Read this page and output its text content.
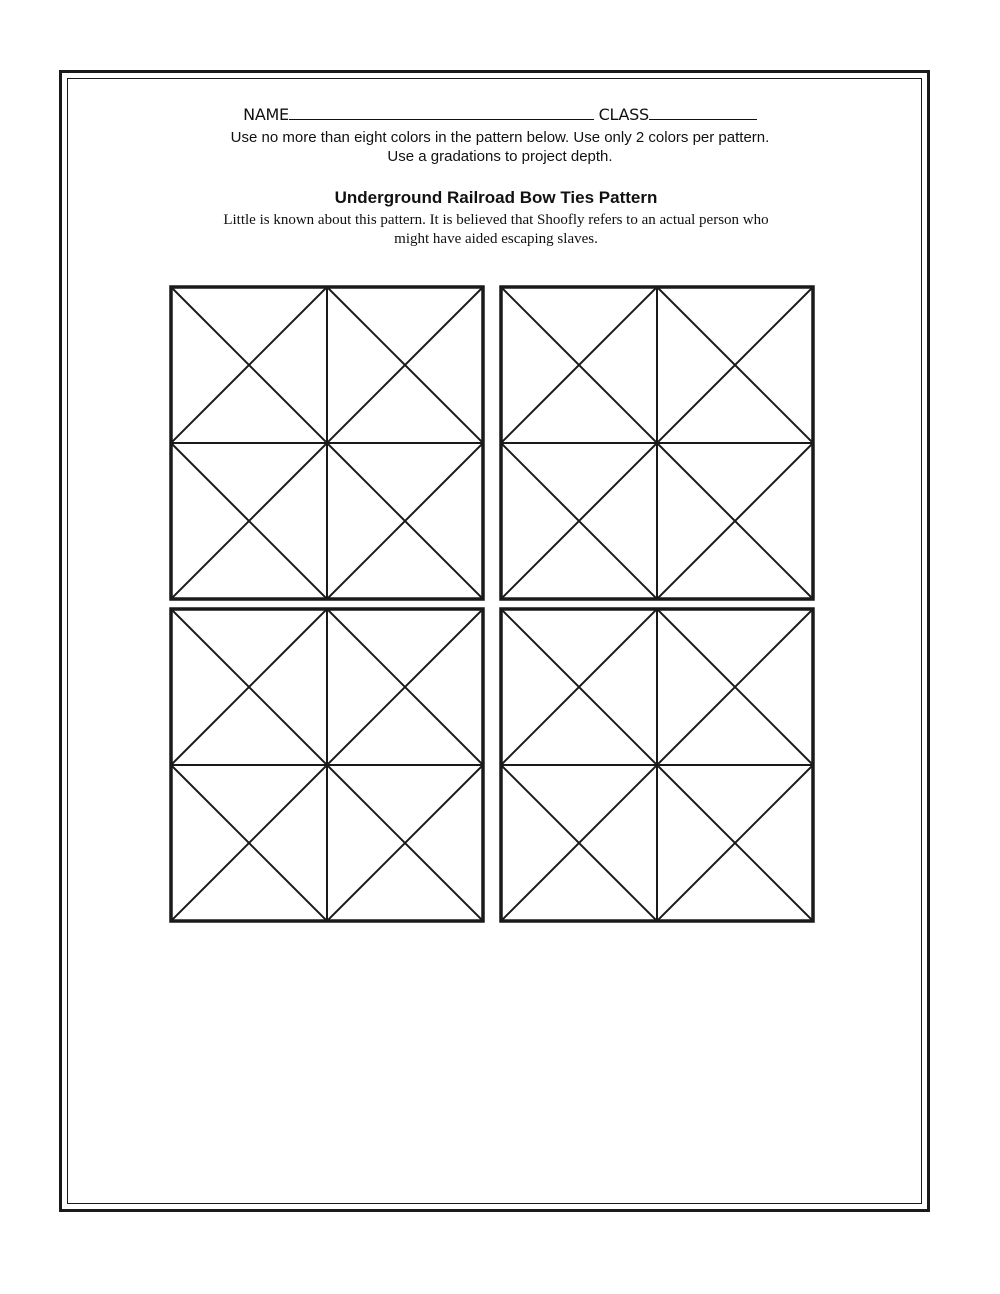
NAME	CLASS
Use no more than eight colors in the pattern below. Use only 2 colors per pattern.
Use a gradations to project depth.
Underground Railroad Bow Ties Pattern
Little is known about this pattern. It is believed that Shoofly refers to an actual person who
might have aided escaping slaves.
